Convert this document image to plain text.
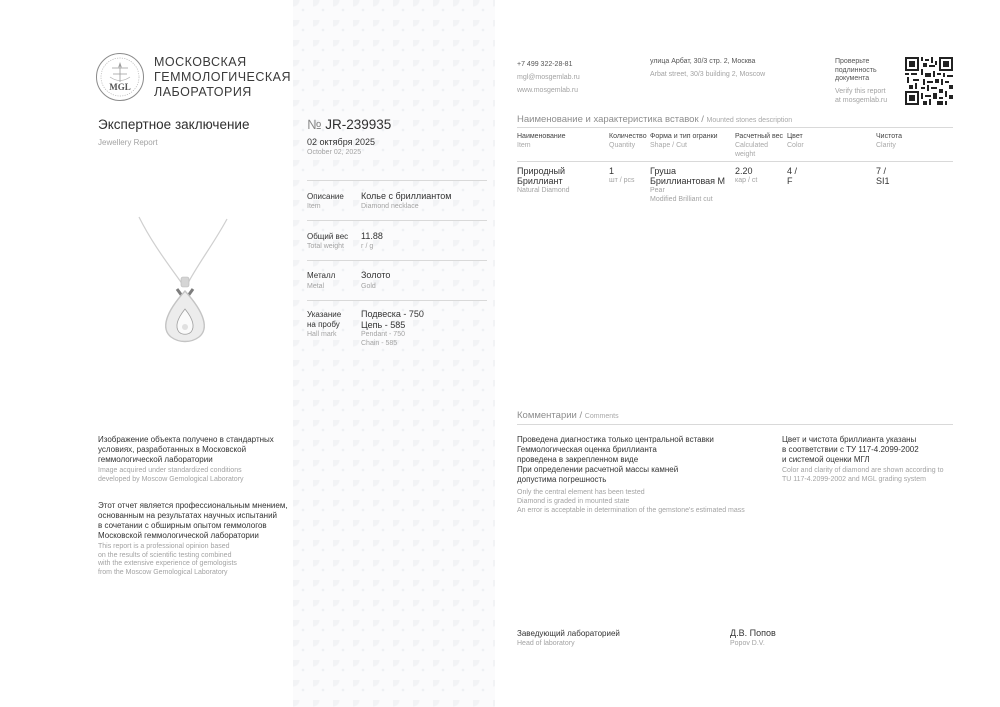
MGL
МОСКОВСКАЯ
ГЕММОЛОГИЧЕСКАЯ
ЛАБОРАТОРИЯ
Экспертное заключение
Jewellery Report
Изображение объекта получено в стандартных
условиях, разработанных в Московской
геммологической лаборатории
Image acquired under standardized conditions
developed by Moscow Gemological Laboratory
Этот отчет является профессиональным мнением,
основанным на результатах научных испытаний
в сочетании с обширным опытом геммологов
Московской геммологической лаборатории
This report is a professional opinion based
on the results of scientific testing combined
with the extensive experience of gemologists
from the Moscow Gemological Laboratory
№ JR-239935
02 октября 2025
October 02, 2025
Описание
Item
Колье с бриллиантом
Diamond necklace
Общий вес
Total weight
11.88
г / g
Металл
Metal
Золото
Gold
Указание
на пробу
Hall mark
Подвеска - 750
Цепь - 585
Pendant - 750
Chain - 585
+7 499 322-28-81
mgl@mosgemlab.ru
www.mosgemlab.ru
улица Арбат, 30/3 стр. 2, Москва
Arbat street, 30/3 building 2, Moscow
Проверьте
подлинность
документа
Verify this report
at mosgemlab.ru
Наименование и характеристика вставок / Mounted stones description
Наименование
Item
Количество
Quantity
Форма и тип огранки
Shape / Cut
Расчетный вес
Calculated weight
Цвет
Color
Чистота
Clarity
Природный
Бриллиант
Natural Diamond
1
шт / pcs
Груша
Бриллиантовая М
Pear
Modified Brilliant cut
2.20
кар / ct
4 /
F
7 /
SI1
Комментарии / Comments
Проведена диагностика только центральной вставки
Геммологическая оценка бриллианта
проведена в закрепленном виде
При определении расчетной массы камней
допустима погрешность
Only the central element has been tested
Diamond is graded in mounted state
An error is acceptable in determination of the gemstone's estimated mass
Цвет и чистота бриллианта указаны
в соответствии с ТУ 117-4.2099-2002
и системой оценки МГЛ
Color and clarity of diamond are shown according to
TU 117-4.2099-2002 and MGL grading system
Заведующий лабораторией
Head of laboratory
Д.В. Попов
Popov D.V.
